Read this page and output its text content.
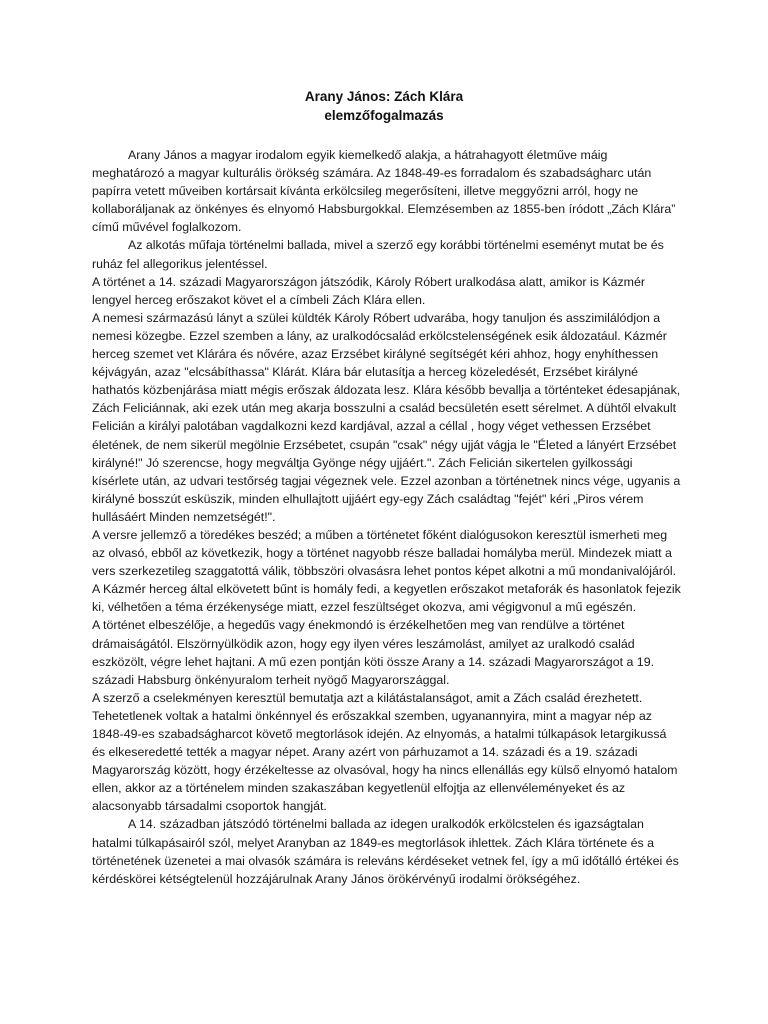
Arany János: Zách Klára
elemzőfogalmazás

Arany János a magyar irodalom egyik kiemelkedő alakja, a hátrahagyott életműve máig meghatározó a magyar kulturális örökség számára. Az 1848-49-es forradalom és szabadságharc után papírra vetett műveiben kortársait kívánta erkölcsileg megerősíteni, illetve meggyőzni arról, hogy ne kollaboráljanak az önkényes és elnyomó Habsburgokkal. Elemzésemben az 1855-ben íródott „Zách Klára” című művével foglalkozom.

Az alkotás műfaja történelmi ballada, mivel a szerző egy korábbi történelmi eseményt mutat be és ruház fel allegorikus jelentéssel.

A történet a 14. századi Magyarországon játszódik, Károly Róbert uralkodása alatt, amikor is Kázmér lengyel herceg erőszakot követ el a címbeli Zách Klára ellen.

A nemesi származású lányt a szülei küldték Károly Róbert udvarába, hogy tanuljon és asszimilálódjon a nemesi közegbe. Ezzel szemben a lány, az uralkodócsalád erkölcstelenségének esik áldozatául. Kázmér herceg szemet vet Klárára és nővére, azaz Erzsébet királyné segítségét kéri ahhoz, hogy enyhíthessen kéjvágyán, azaz "elcsábíthassa" Klárát. Klára bár elutasítja a herceg közeledését, Erzsébet királyné hathatós közbenjárása miatt mégis erőszak áldozata lesz. Klára később bevallja a történteket édesapjának, Zách Feliciánnak, aki ezek után meg akarja bosszulni a család becsületén esett sérelmet. A dühtől elvakult Felicián a királyi palotában vagdalkozni kezd kardjával, azzal a céllal , hogy véget vethessen Erzsébet életének, de nem sikerül megölnie Erzsébetet, csupán "csak" négy ujját vágja le "Életed a lányért Erzsébet királyné!" Jó szerencse, hogy megváltja Gyönge négy ujjáért.". Zách Felicián sikertelen gyilkossági kísérlete után, az udvari testőrség tagjai végeznek vele. Ezzel azonban a történetnek nincs vége, ugyanis a királyné bosszút esküszik, minden elhullajtott ujjáért egy-egy Zách családtag "fejét" kéri „Piros vérem hullásáért Minden nemzetségét!".

A versre jellemző a töredékes beszéd; a műben a történetet főként dialógusokon keresztül ismerheti meg az olvasó, ebből az következik, hogy a történet nagyobb része balladai homályba merül. Mindezek miatt a vers szerkezetileg szaggatottá válik, többszöri olvasásra lehet pontos képet alkotni a mű mondanivalójáról. A Kázmér herceg által elkövetett bűnt is homály fedi, a kegyetlen erőszakot metaforák és hasonlatok fejezik ki, vélhetően a téma érzékenysége miatt, ezzel feszültséget okozva, ami végigvonul a mű egészén.

A történet elbeszélője, a hegedűs vagy énekmondó is érzékelhetően meg van rendülve a történet drámaiságától. Elszörnyülködik azon, hogy egy ilyen véres leszámolást, amilyet az uralkodó család eszközölt, végre lehet hajtani. A mű ezen pontján köti össze Arany a 14. századi Magyarországot a 19. századi Habsburg önkényuralom terheit nyögő Magyarországgal.

A szerző a cselekményen keresztül bemutatja azt a kilátástalanságot, amit a Zách család érezhetett. Tehetetlenek voltak a hatalmi önkénnyel és erőszakkal szemben, ugyanannyira, mint a magyar nép az 1848-49-es szabadságharcot követő megtorlások idején. Az elnyomás, a hatalmi túlkapások letargikussá és elkeseredetté tették a magyar népet. Arany azért von párhuzamot a 14. századi és a 19. századi Magyarország között, hogy érzékeltesse az olvasóval, hogy ha nincs ellenállás egy külső elnyomó hatalom ellen, akkor az a történelem minden szakaszában kegyetlenül elfojtja az ellenvéleményeket és az alacsonyabb társadalmi csoportok hangját.

A 14. században játszódó történelmi ballada az idegen uralkodók erkölcstelen és igazságtalan hatalmi túlkapásairól szól, melyet Aranyban az 1849-es megtorlások ihlettek. Zách Klára története és a történetének üzenetei a mai olvasók számára is releváns kérdéseket vetnek fel, így a mű időtálló értékei és kérdéskörei kétségtelenül hozzájárulnak Arany János örökérvényű irodalmi örökségéhez.
